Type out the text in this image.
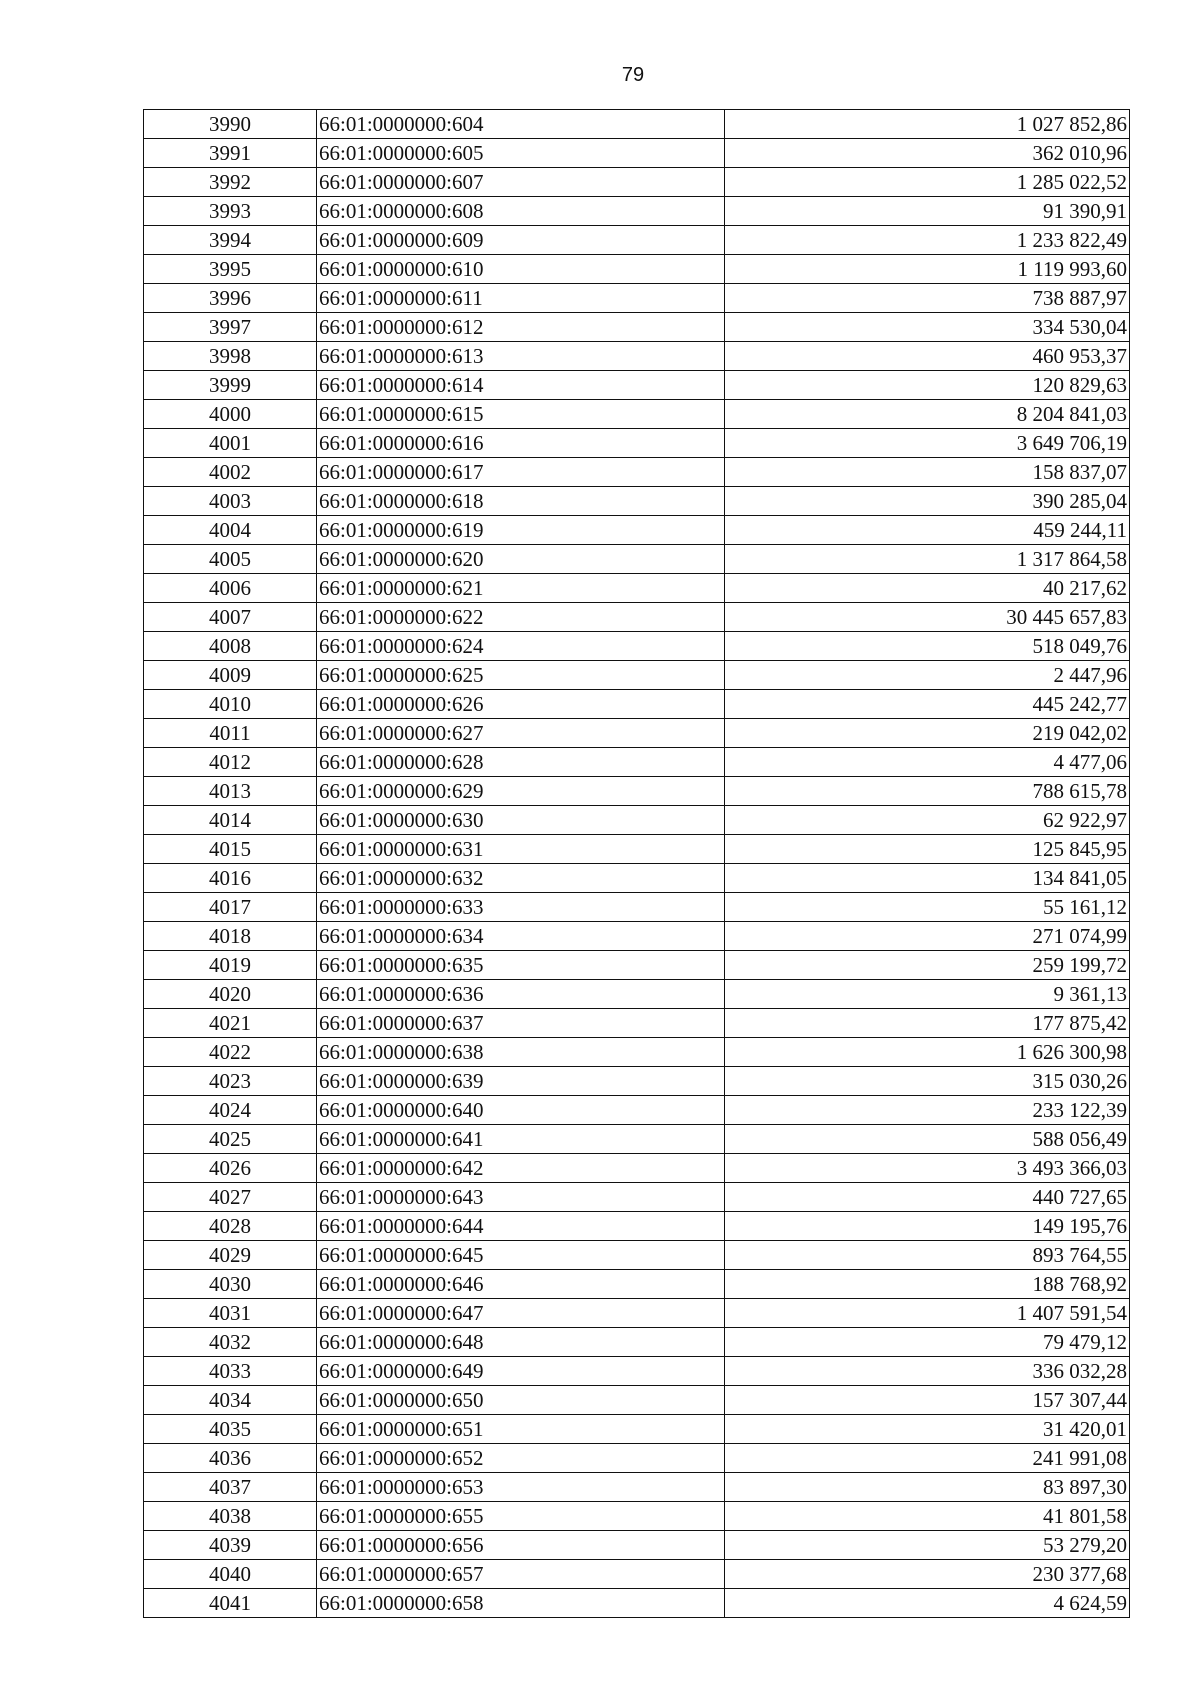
79
3990	66:01:0000000:604	1 027 852,86
3991	66:01:0000000:605	362 010,96
3992	66:01:0000000:607	1 285 022,52
3993	66:01:0000000:608	91 390,91
3994	66:01:0000000:609	1 233 822,49
3995	66:01:0000000:610	1 119 993,60
3996	66:01:0000000:611	738 887,97
3997	66:01:0000000:612	334 530,04
3998	66:01:0000000:613	460 953,37
3999	66:01:0000000:614	120 829,63
4000	66:01:0000000:615	8 204 841,03
4001	66:01:0000000:616	3 649 706,19
4002	66:01:0000000:617	158 837,07
4003	66:01:0000000:618	390 285,04
4004	66:01:0000000:619	459 244,11
4005	66:01:0000000:620	1 317 864,58
4006	66:01:0000000:621	40 217,62
4007	66:01:0000000:622	30 445 657,83
4008	66:01:0000000:624	518 049,76
4009	66:01:0000000:625	2 447,96
4010	66:01:0000000:626	445 242,77
4011	66:01:0000000:627	219 042,02
4012	66:01:0000000:628	4 477,06
4013	66:01:0000000:629	788 615,78
4014	66:01:0000000:630	62 922,97
4015	66:01:0000000:631	125 845,95
4016	66:01:0000000:632	134 841,05
4017	66:01:0000000:633	55 161,12
4018	66:01:0000000:634	271 074,99
4019	66:01:0000000:635	259 199,72
4020	66:01:0000000:636	9 361,13
4021	66:01:0000000:637	177 875,42
4022	66:01:0000000:638	1 626 300,98
4023	66:01:0000000:639	315 030,26
4024	66:01:0000000:640	233 122,39
4025	66:01:0000000:641	588 056,49
4026	66:01:0000000:642	3 493 366,03
4027	66:01:0000000:643	440 727,65
4028	66:01:0000000:644	149 195,76
4029	66:01:0000000:645	893 764,55
4030	66:01:0000000:646	188 768,92
4031	66:01:0000000:647	1 407 591,54
4032	66:01:0000000:648	79 479,12
4033	66:01:0000000:649	336 032,28
4034	66:01:0000000:650	157 307,44
4035	66:01:0000000:651	31 420,01
4036	66:01:0000000:652	241 991,08
4037	66:01:0000000:653	83 897,30
4038	66:01:0000000:655	41 801,58
4039	66:01:0000000:656	53 279,20
4040	66:01:0000000:657	230 377,68
4041	66:01:0000000:658	4 624,59
